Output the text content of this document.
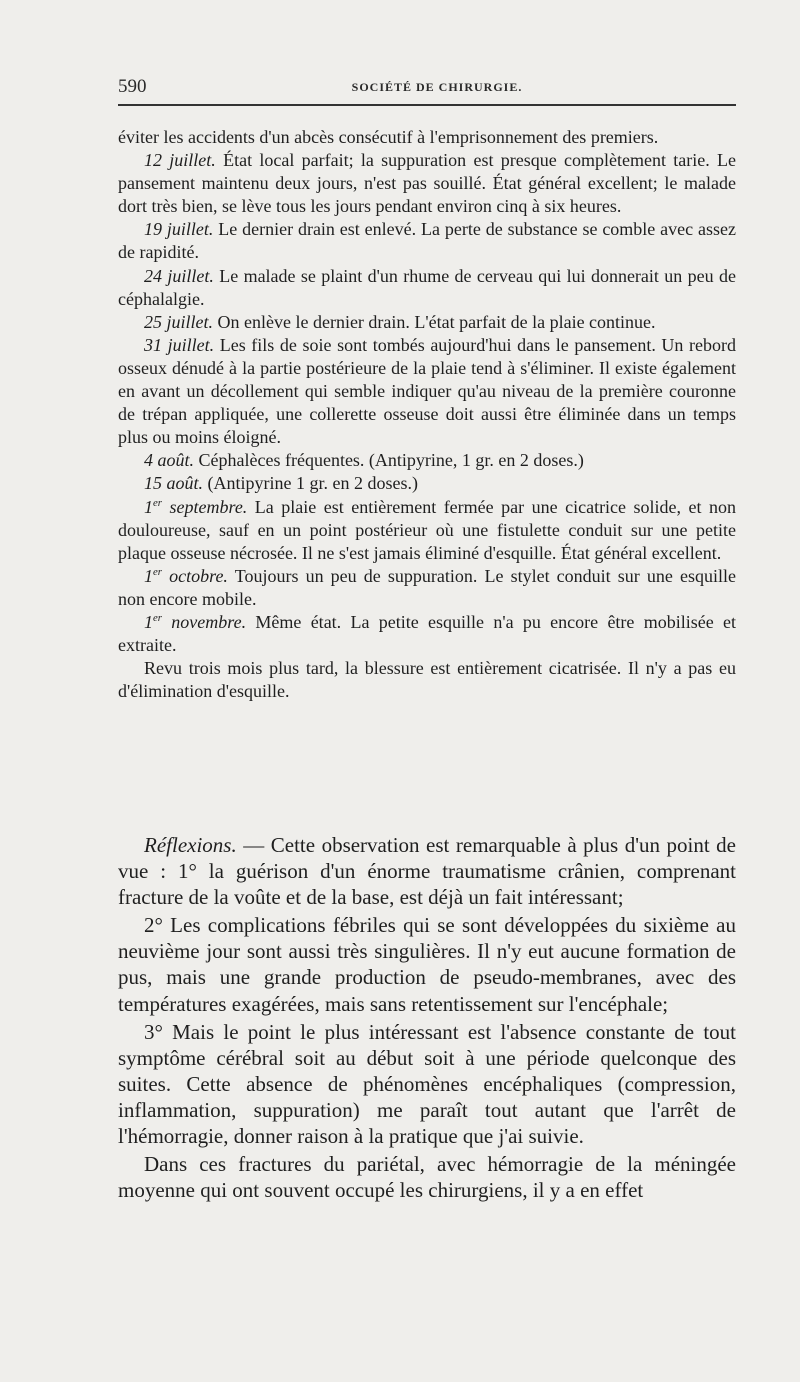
590	SOCIÉTÉ DE CHIRURGIE.

éviter les accidents d'un abcès consécutif à l'emprisonnement des premiers.

12 juillet. État local parfait; la suppuration est presque complètement tarie. Le pansement maintenu deux jours, n'est pas souillé. État général excellent; le malade dort très bien, se lève tous les jours pendant environ cinq à six heures.

19 juillet. Le dernier drain est enlevé. La perte de substance se comble avec assez de rapidité.

24 juillet. Le malade se plaint d'un rhume de cerveau qui lui donnerait un peu de céphalalgie.

25 juillet. On enlève le dernier drain. L'état parfait de la plaie continue.

31 juillet. Les fils de soie sont tombés aujourd'hui dans le pansement. Un rebord osseux dénudé à la partie postérieure de la plaie tend à s'éliminer. Il existe également en avant un décollement qui semble indiquer qu'au niveau de la première couronne de trépan appliquée, une collerette osseuse doit aussi être éliminée dans un temps plus ou moins éloigné.

4 août. Céphalèces fréquentes. (Antipyrine, 1 gr. en 2 doses.)

15 août. (Antipyrine 1 gr. en 2 doses.)

1er septembre. La plaie est entièrement fermée par une cicatrice solide, et non douloureuse, sauf en un point postérieur où une fistulette conduit sur une petite plaque osseuse nécrosée. Il ne s'est jamais éliminé d'esquille. État général excellent.

1er octobre. Toujours un peu de suppuration. Le stylet conduit sur une esquille non encore mobile.

1er novembre. Même état. La petite esquille n'a pu encore être mobilisée et extraite.

Revu trois mois plus tard, la blessure est entièrement cicatrisée. Il n'y a pas eu d'élimination d'esquille.

Réflexions. — Cette observation est remarquable à plus d'un point de vue : 1° la guérison d'un énorme traumatisme crânien, comprenant fracture de la voûte et de la base, est déjà un fait intéressant;

2° Les complications fébriles qui se sont développées du sixième au neuvième jour sont aussi très singulières. Il n'y eut aucune formation de pus, mais une grande production de pseudo-membranes, avec des températures exagérées, mais sans retentissement sur l'encéphale;

3° Mais le point le plus intéressant est l'absence constante de tout symptôme cérébral soit au début soit à une période quelconque des suites. Cette absence de phénomènes encéphaliques (compression, inflammation, suppuration) me paraît tout autant que l'arrêt de l'hémorragie, donner raison à la pratique que j'ai suivie.

Dans ces fractures du pariétal, avec hémorragie de la méningée moyenne qui ont souvent occupé les chirurgiens, il y a en effet
